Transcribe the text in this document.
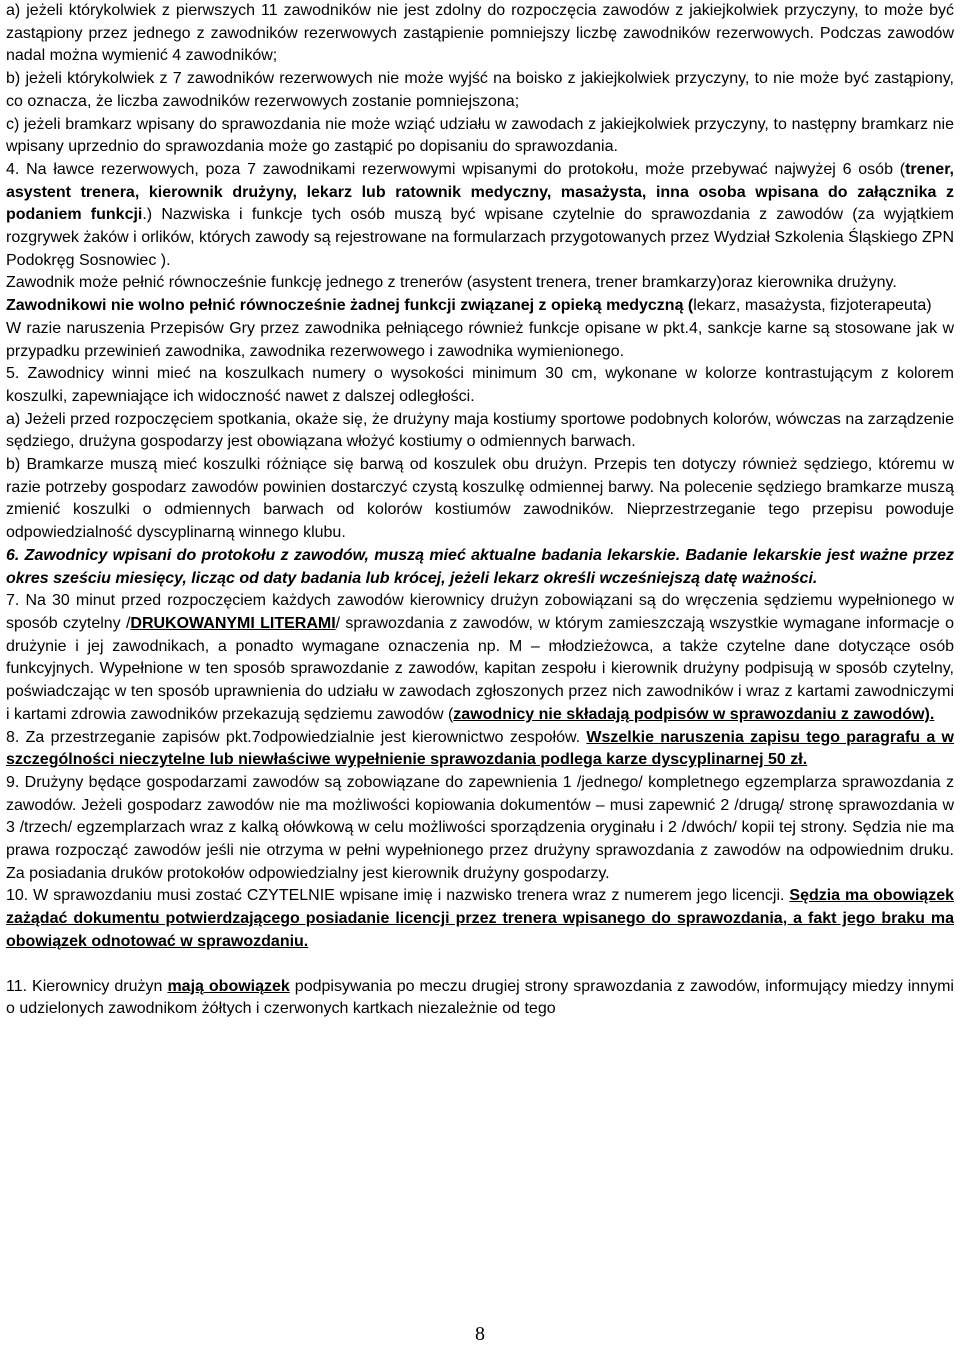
a) jeżeli którykolwiek z pierwszych 11 zawodników nie jest zdolny do rozpoczęcia zawodów z jakiejkolwiek przyczyny, to może być zastąpiony przez jednego z zawodników rezerwowych zastąpienie pomniejszy liczbę zawodników rezerwowych. Podczas zawodów nadal można wymienić 4 zawodników;

b) jeżeli którykolwiek z 7 zawodników rezerwowych nie może wyjść na boisko z jakiejkolwiek przyczyny, to nie może być zastąpiony, co oznacza, że liczba zawodników rezerwowych zostanie pomniejszona;

c) jeżeli bramkarz wpisany do sprawozdania nie może wziąć udziału w zawodach z jakiejkolwiek przyczyny, to następny bramkarz nie wpisany uprzednio do sprawozdania może go zastąpić po dopisaniu do sprawozdania.

4. Na ławce rezerwowych, poza 7 zawodnikami rezerwowymi wpisanymi do protokołu, może przebywać najwyżej 6 osób (trener, asystent trenera, kierownik drużyny, lekarz lub ratownik medyczny, masażysta, inna osoba wpisana do załącznika z podaniem funkcji.) Nazwiska i funkcje tych osób muszą być wpisane czytelnie do sprawozdania z zawodów (za wyjątkiem rozgrywek żaków i orlików, których zawody są rejestrowane na formularzach przygotowanych przez Wydział Szkolenia Śląskiego ZPN Podokręg Sosnowiec ).

Zawodnik może pełnić równocześnie funkcję jednego z trenerów (asystent trenera, trener bramkarzy)oraz kierownika drużyny.

Zawodnikowi nie wolno pełnić równocześnie żadnej funkcji związanej z opieką medyczną (lekarz, masażysta, fizjoterapeuta)

W razie naruszenia Przepisów Gry przez zawodnika pełniącego również funkcje opisane w pkt.4, sankcje karne są stosowane jak w przypadku przewinień zawodnika, zawodnika rezerwowego i zawodnika wymienionego.

5. Zawodnicy winni mieć na koszulkach numery o wysokości minimum 30 cm, wykonane w kolorze kontrastującym z kolorem koszulki, zapewniające ich widoczność nawet z dalszej odległości.

a) Jeżeli przed rozpoczęciem spotkania, okaże się, że drużyny maja kostiumy sportowe podobnych kolorów, wówczas na zarządzenie sędziego, drużyna gospodarzy jest obowiązana włożyć kostiumy o odmiennych barwach.

b) Bramkarze muszą mieć koszulki różniące się barwą od koszulek obu drużyn. Przepis ten dotyczy również sędziego, któremu w razie potrzeby gospodarz zawodów powinien dostarczyć czystą koszulkę odmiennej barwy. Na polecenie sędziego bramkarze muszą zmienić koszulki o odmiennych barwach od kolorów kostiumów zawodników. Nieprzestrzeganie tego przepisu powoduje odpowiedzialność dyscyplinarną winnego klubu.

6. Zawodnicy wpisani do protokołu z zawodów, muszą mieć aktualne badania lekarskie. Badanie lekarskie jest ważne przez okres sześciu miesięcy, licząc od daty badania lub krócej, jeżeli lekarz określi wcześniejszą datę ważności.

7. Na 30 minut przed rozpoczęciem każdych zawodów kierownicy drużyn zobowiązani są do wręczenia sędziemu wypełnionego w sposób czytelny /DRUKOWANYMI LITERAMI/ sprawozdania z zawodów, w którym zamieszczają wszystkie wymagane informacje o drużynie i jej zawodnikach, a ponadto wymagane oznaczenia np. M – młodzieżowca, a także czytelne dane dotyczące osób funkcyjnych. Wypełnione w ten sposób sprawozdanie z zawodów, kapitan zespołu i kierownik drużyny podpisują w sposób czytelny, poświadczając w ten sposób uprawnienia do udziału w zawodach zgłoszonych przez nich zawodników i wraz z kartami zawodniczymi i kartami zdrowia zawodników przekazują sędziemu zawodów (zawodnicy nie składają podpisów w sprawozdaniu z zawodów).

8. Za przestrzeganie zapisów pkt.7odpowiedzialnie jest kierownictwo zespołów. Wszelkie naruszenia zapisu tego paragrafu a w szczególności nieczytelne lub niewłaściwe wypełnienie sprawozdania podlega karze dyscyplinarnej 50 zł.

9. Drużyny będące gospodarzami zawodów są zobowiązane do zapewnienia 1 /jednego/ kompletnego egzemplarza sprawozdania z zawodów. Jeżeli gospodarz zawodów nie ma możliwości kopiowania dokumentów – musi zapewnić 2 /drugą/ stronę sprawozdania w 3 /trzech/ egzemplarzach wraz z kalką ołówkową w celu możliwości sporządzenia oryginału i 2 /dwóch/ kopii tej strony. Sędzia nie ma prawa rozpocząć zawodów jeśli nie otrzyma w pełni wypełnionego przez drużyny sprawozdania z zawodów na odpowiednim druku. Za posiadania druków protokołów odpowiedzialny jest kierownik drużyny gospodarzy.

10. W sprawozdaniu musi zostać CZYTELNIE wpisane imię i nazwisko trenera wraz z numerem jego licencji. Sędzia ma obowiązek zażądać dokumentu potwierdzającego posiadanie licencji przez trenera wpisanego do sprawozdania, a fakt jego braku ma obowiązek odnotować w sprawozdaniu.

11. Kierownicy drużyn mają obowiązek podpisywania po meczu drugiej strony sprawozdania z zawodów, informujący miedzy innymi o udzielonych zawodnikom żółtych i czerwonych kartkach niezależnie od tego

8
